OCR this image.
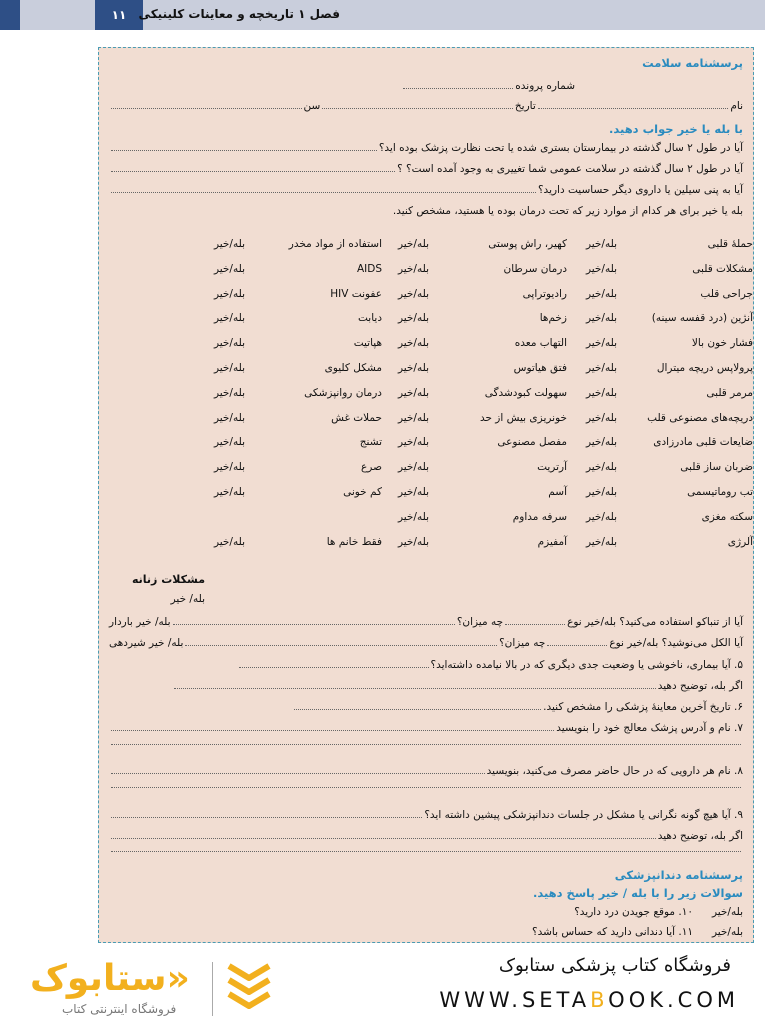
۱۱	فصل ۱ تاریخچه و معاینات کلینیکی
پرسشنامه سلامت
شماره پرونده
نام
تاریخ
سن
با بله یا خیر جواب دهید.
آیا در طول ۲ سال گذشته در بیمارستان بستری شده یا تحت نظارت پزشک بوده اید؟
آیا در طول ۲ سال گذشته در سلامت عمومی شما تغییری به وجود آمده است؟ ؟
آیا به پنی سیلین یا داروی دیگر حساسیت دارید؟
بله یا خیر برای هر کدام از موارد زیر که تحت درمان بوده یا هستید، مشخص کنید.
حملهٔ قلبی
بله/خیر
مشکلات قلبی
بله/خیر
جراحی قلب
بله/خیر
آنژین (درد قفسه سینه)
بله/خیر
فشار خون بالا
بله/خیر
پرولاپس دریچه میترال
بله/خیر
مرمر قلبی
بله/خیر
دریچه‌های مصنوعی قلب
بله/خیر
ضایعات قلبی مادرزادی
بله/خیر
ضربان ساز قلبی
بله/خیر
تب روماتیسمی
بله/خیر
سکته مغزی
بله/خیر
آلرژی
بله/خیر
کهیر، راش پوستی
بله/خیر
درمان سرطان
بله/خیر
رادیوتراپی
بله/خیر
زخم‌ها
بله/خیر
التهاب معده
بله/خیر
فتق هیاتوس
بله/خیر
سهولت کبودشدگی
بله/خیر
خونریزی بیش از حد
بله/خیر
مفصل مصنوعی
بله/خیر
آرتریت
بله/خیر
آسم
بله/خیر
سرفه مداوم
بله/خیر
آمفیزم
بله/خیر
استفاده از مواد مخدر
بله/خیر
AIDS
بله/خیر
عفونت HIV
بله/خیر
دیابت
بله/خیر
هپاتیت
بله/خیر
مشکل کلیوی
بله/خیر
درمان روانپزشکی
بله/خیر
حملات غش
بله/خیر
تشنج
بله/خیر
صرع
بله/خیر
کم خونی
بله/خیر
فقط خانم ها
بله/خیر
مشکلات زنانه
بله/ خیر
آیا از تنباکو استفاده می‌کنید؟ بله/خیر نوع
چه میزان؟
بله/ خیر باردار
آیا الکل می‌نوشید؟ بله/خیر نوع
چه میزان؟
بله/ خیر شیردهی
۵. آیا بیماری، ناخوشی یا وضعیت جدی دیگری که در بالا نیامده داشته‌اید؟
اگر بله، توضیح دهید
۶. تاریخ آخرین معاینهٔ پزشکی را مشخص کنید.
۷. نام و آدرس پزشک معالج خود را بنویسید
۸. نام هر دارویی که در حال حاضر مصرف می‌کنید، بنویسید
۹. آیا هیچ گونه نگرانی یا مشکل در جلسات دندانپزشکی پیشین داشته اید؟
اگر بله، توضیح دهید
پرسشنامه دندانپزشکی
سوالات زیر را با بله / خیر پاسخ دهید.
بله/خیر
۱۰. موقع جویدن درد دارید؟
بله/خیر
۱۱. آیا دندانی دارید که حساس باشد؟
فروشگاه کتاب پزشکی ستابوک
WWW.SETABOOK.COM
«ستابوک
فروشگاه اینترنتی کتاب
